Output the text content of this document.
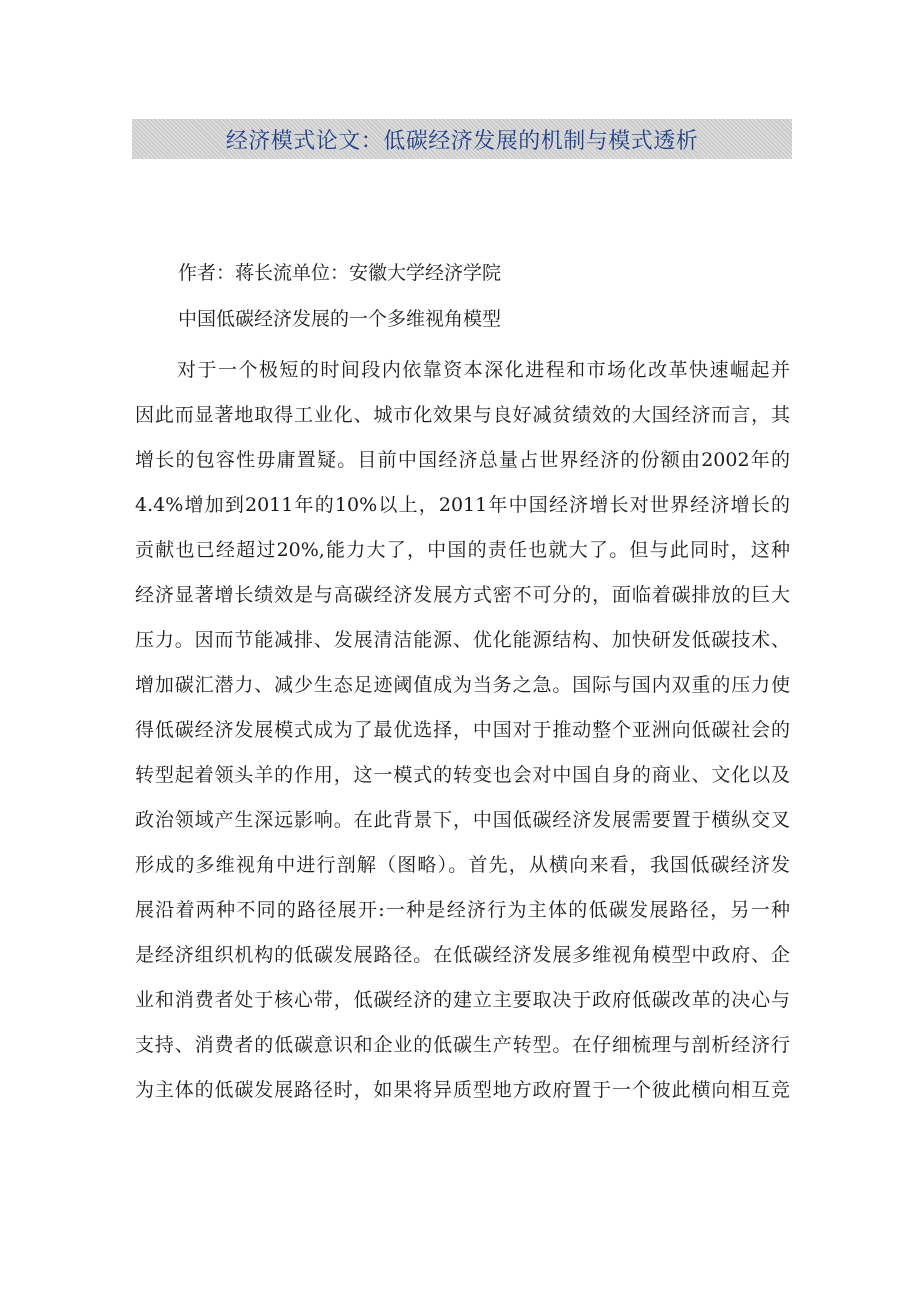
经济模式论文：低碳经济发展的机制与模式透析
作者：蒋长流单位：安徽大学经济学院
中国低碳经济发展的一个多维视角模型
对于一个极短的时间段内依靠资本深化进程和市场化改革快速崛起并
因此而显著地取得工业化、城市化效果与良好减贫绩效的大国经济而言，其
增长的包容性毋庸置疑。目前中国经济总量占世界经济的份额由2002年的
4.4%增加到2011年的10%以上，2011年中国经济增长对世界经济增长的
贡献也已经超过20%,能力大了，中国的责任也就大了。但与此同时，这种
经济显著增长绩效是与高碳经济发展方式密不可分的，面临着碳排放的巨大
压力。因而节能减排、发展清洁能源、优化能源结构、加快研发低碳技术、
增加碳汇潜力、减少生态足迹阈值成为当务之急。国际与国内双重的压力使
得低碳经济发展模式成为了最优选择，中国对于推动整个亚洲向低碳社会的
转型起着领头羊的作用，这一模式的转变也会对中国自身的商业、文化以及
政治领域产生深远影响。在此背景下，中国低碳经济发展需要置于横纵交叉
形成的多维视角中进行剖解（图略）。首先，从横向来看，我国低碳经济发
展沿着两种不同的路径展开:一种是经济行为主体的低碳发展路径，另一种
是经济组织机构的低碳发展路径。在低碳经济发展多维视角模型中政府、企
业和消费者处于核心带，低碳经济的建立主要取决于政府低碳改革的决心与
支持、消费者的低碳意识和企业的低碳生产转型。在仔细梳理与剖析经济行
为主体的低碳发展路径时，如果将异质型地方政府置于一个彼此横向相互竞
